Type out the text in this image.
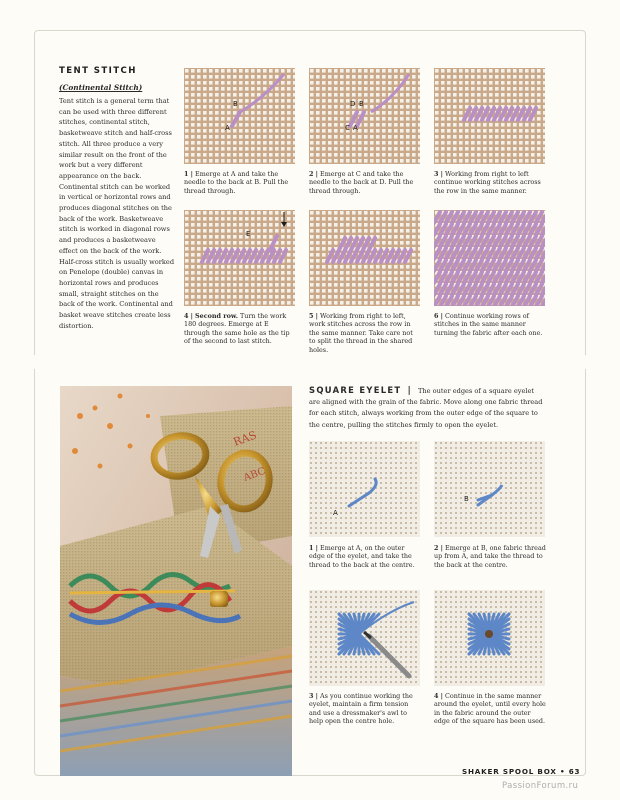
TENT STITCH
(Continental Stitch)

Tent stitch is a general term that can be used with three different stitches, continental stitch, basketweave stitch and half-cross stitch. All three produce a very similar result on the front of the work but a very different appearance on the back. Continental stitch can be worked in vertical or horizontal rows and produces diagonal stitches on the back of the work. Basketweave stitch is worked in diagonal rows and produces a basketweave effect on the back of the work. Half-cross stitch is usually worked on Penelope (double) canvas in horizontal rows and produces small, straight stitches on the back of the work. Continental and basket weave stitches create less distortion.

B
A
D B
C A
E
1 | Emerge at A and take the needle to the back at B. Pull the thread through.
2 | Emerge at C and take the needle to the back at D. Pull the thread through.
3 | Working from right to left continue working stitches across the row in the same manner.
4 | Second row. Turn the work 180 degrees. Emerge at E through the same hole as the tip of the second to last stitch.
5 | Working from right to left, work stitches across the row in the same manner. Take care not to split the thread in the shared holes.
6 | Continue working rows of stitches in the same manner turning the fabric after each one.
SQUARE EYELET | The outer edges of a square eyelet are aligned with the grain of the fabric. Move along one fabric thread for each stitch, always working from the outer edge of the square to the centre, pulling the stitches firmly to open the eyelet.
A
B
1 | Emerge at A, on the outer edge of the eyelet, and take the thread to the back at the centre.
2 | Emerge at B, one fabric thread up from A, and take the thread to the back at the centre.
3 | As you continue working the eyelet, maintain a firm tension and use a dressmaker's awl to help open the centre hole.
4 | Continue in the same manner around the eyelet, until every hole in the fabric around the outer edge of the square has been used.
RAS
ABC
SHAKER SPOOL BOX • 63
PassionForum.ru
